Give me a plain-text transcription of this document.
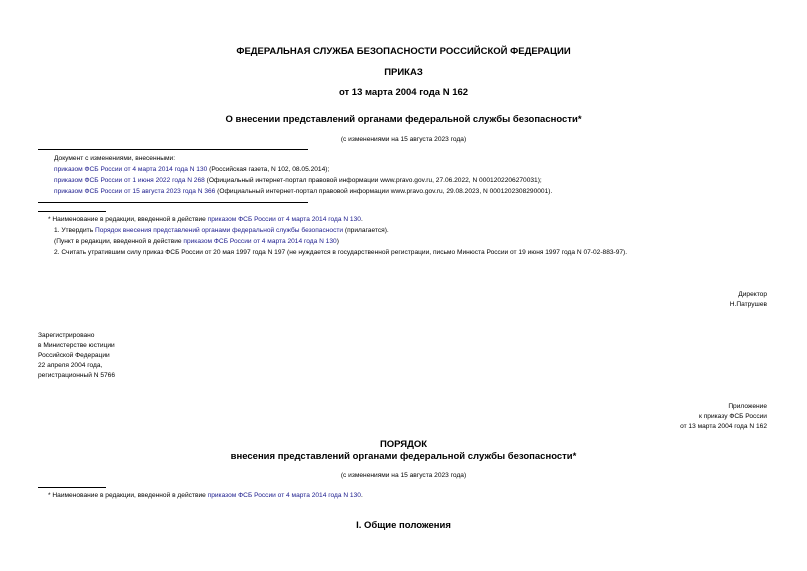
ФЕДЕРАЛЬНАЯ СЛУЖБА БЕЗОПАСНОСТИ РОССИЙСКОЙ ФЕДЕРАЦИИ
ПРИКАЗ
от 13 марта 2004 года N 162
О внесении представлений органами федеральной службы безопасности*
(с изменениями на 15 августа 2023 года)
Документ с изменениями, внесенными:
приказом ФСБ России от 4 марта 2014 года N 130 (Российская газета, N 102, 08.05.2014);
приказом ФСБ России от 1 июня 2022 года N 268 (Официальный интернет-портал правовой информации www.pravo.gov.ru, 27.06.2022, N 0001202206270031);
приказом ФСБ России от 15 августа 2023 года N 366 (Официальный интернет-портал правовой информации www.pravo.gov.ru, 29.08.2023, N 0001202308290001).
* Наименование в редакции, введенной в действие приказом ФСБ России от 4 марта 2014 года N 130.
1. Утвердить Порядок внесения представлений органами федеральной службы безопасности (прилагается).
(Пункт в редакции, введенной в действие приказом ФСБ России от 4 марта 2014 года N 130)
2. Считать утратившим силу приказ ФСБ России от 20 мая 1997 года N 197 (не нуждается в государственной регистрации, письмо Минюста России от 19 июня 1997 года N 07-02-883-97).
Директор
Н.Патрушев
Зарегистрировано
в Министерстве юстиции
Российской Федерации
22 апреля 2004 года,
регистрационный N 5766
Приложение
к приказу ФСБ России
от 13 марта 2004 года N 162
ПОРЯДОК
внесения представлений органами федеральной службы безопасности*
(с изменениями на 15 августа 2023 года)
* Наименование в редакции, введенной в действие приказом ФСБ России от 4 марта 2014 года N 130.
I. Общие положения
